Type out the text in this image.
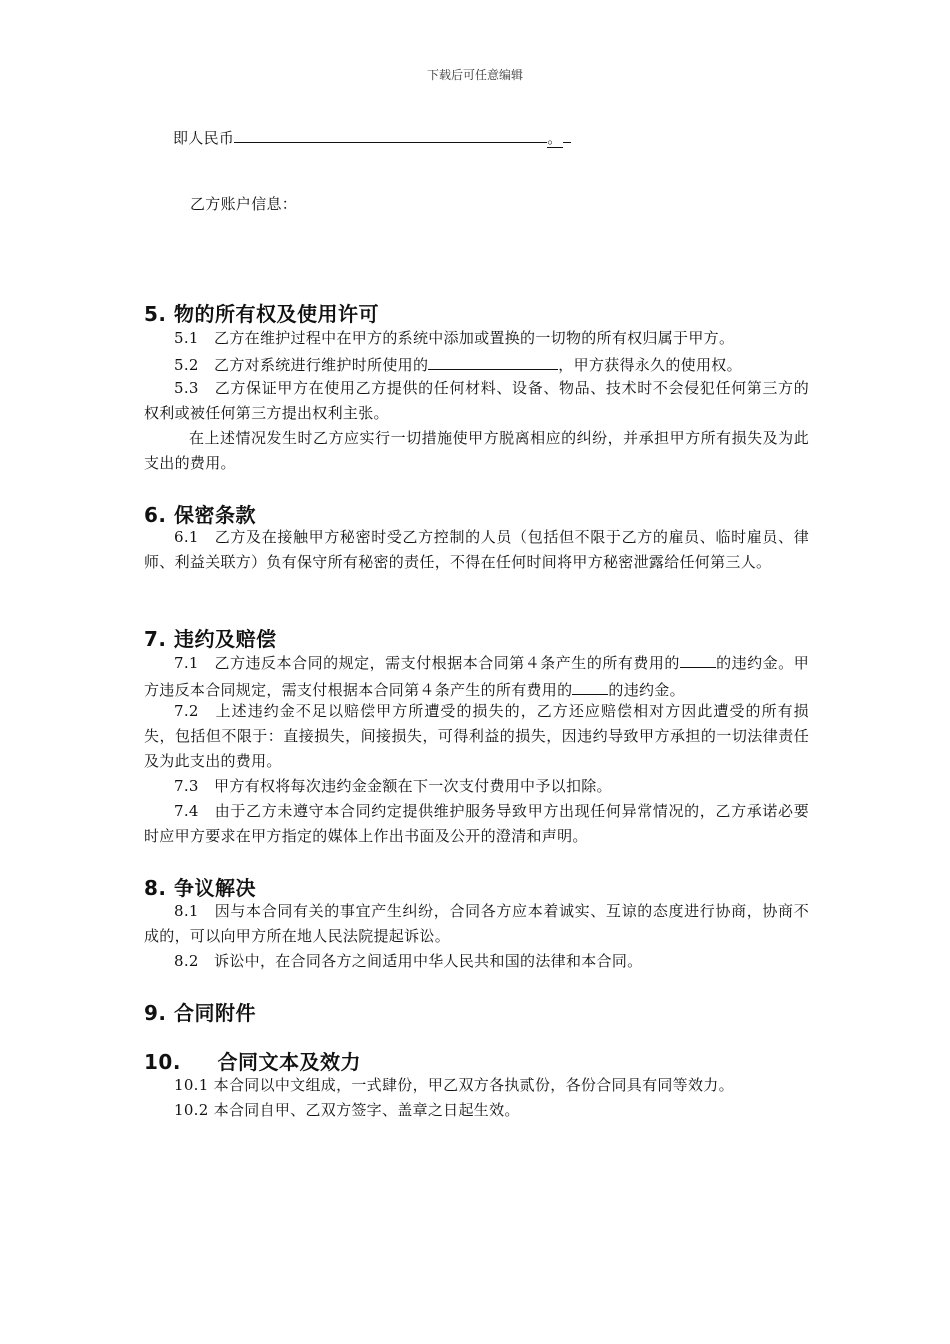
下载后可任意编辑
即人民币	。
乙方账户信息：
5. 物的所有权及使用许可
5.1　乙方在维护过程中在甲方的系统中添加或置换的一切物的所有权归属于甲方。
5.2　乙方对系统进行维护时所使用的	，甲方获得永久的使用权。
5.3　乙方保证甲方在使用乙方提供的任何材料、设备、物品、技术时不会侵犯任何第三方的权利或被任何第三方提出权利主张。
在上述情况发生时乙方应实行一切措施使甲方脱离相应的纠纷，并承担甲方所有损失及为此支出的费用。
6. 保密条款
6.1　乙方及在接触甲方秘密时受乙方控制的人员（包括但不限于乙方的雇员、临时雇员、律师、利益关联方）负有保守所有秘密的责任，不得在任何时间将甲方秘密泄露给任何第三人。
7. 违约及赔偿
7.1　乙方违反本合同的规定，需支付根据本合同第４条产生的所有费用的 的违约金。甲方违反本合同规定，需支付根据本合同第４条产生的所有费用的 的违约金。
7.2　上述违约金不足以赔偿甲方所遭受的损失的，乙方还应赔偿相对方因此遭受的所有损失，包括但不限于：直接损失，间接损失，可得利益的损失，因违约导致甲方承担的一切法律责任及为此支出的费用。
7.3　甲方有权将每次违约金金额在下一次支付费用中予以扣除。
7.4　由于乙方未遵守本合同约定提供维护服务导致甲方出现任何异常情况的，乙方承诺必要时应甲方要求在甲方指定的媒体上作出书面及公开的澄清和声明。
8. 争议解决
8.1　因与本合同有关的事宜产生纠纷，合同各方应本着诚实、互谅的态度进行协商，协商不成的，可以向甲方所在地人民法院提起诉讼。
8.2　诉讼中，在合同各方之间适用中华人民共和国的法律和本合同。
9. 合同附件
10. 合同文本及效力
10.1 本合同以中文组成，一式肆份，甲乙双方各执贰份，各份合同具有同等效力。
10.2 本合同自甲、乙双方签字、盖章之日起生效。
